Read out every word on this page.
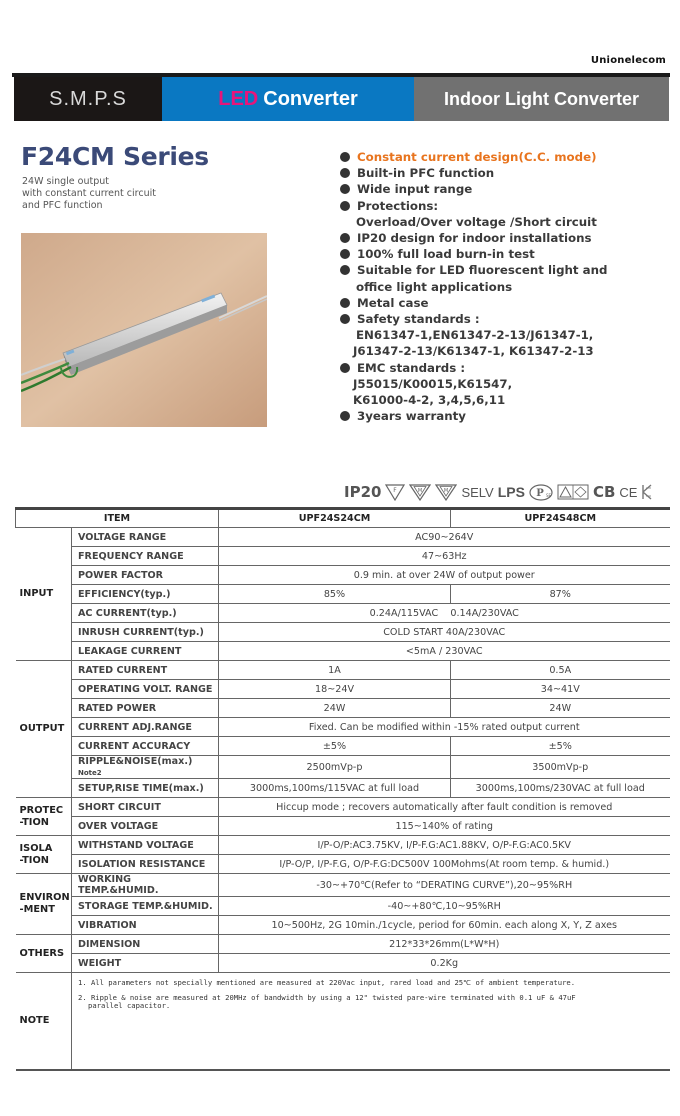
Unionelecom
S.M.P.S	LED Converter	Indoor Light Converter
F24CM Series
24W single output
with constant current circuit
and PFC function
Constant current design(C.C. mode)
Built-in PFC function
Wide input range
Protections:
Overload/Over voltage /Short circuit
IP20 design for indoor installations
100% full load burn-in test
Suitable for LED fluorescent light and
office light applications
Metal case
Safety standards :
EN61347-1,EN61347-2-13/J61347-1,
J61347-2-13/K61347-1, K61347-2-13
EMC standards :
J55015/K00015,K61547,
K61000-4-2, 3,4,5,6,11
3years warranty
IP20 F	M	M SELV LPS P SE	CB CE
ITEM		UPF24S24CM	UPF24S48CM
INPUT	VOLTAGE RANGE	AC90~264V	
	FREQUENCY RANGE	47~63Hz	
	POWER FACTOR	0.9 min. at over 24W of output power	
	EFFICIENCY(typ.)	85%	87%
	AC CURRENT(typ.)	0.24A/115VAC    0.14A/230VAC	
	INRUSH CURRENT(typ.)	COLD START 40A/230VAC	
	LEAKAGE CURRENT	<5mA / 230VAC	
OUTPUT	RATED CURRENT	1A	0.5A
	OPERATING VOLT. RANGE	18~24V	34~41V
	RATED POWER	24W	24W
	CURRENT ADJ.RANGE	Fixed. Can be modified within -15% rated output current	
	CURRENT ACCURACY	±5%	±5%
	RIPPLE&NOISE(max.) Note2	2500mVp-p	3500mVp-p
	SETUP,RISE TIME(max.)	3000ms,100ms/115VAC at full load	3000ms,100ms/230VAC at full load
PROTEC
-TION	SHORT CIRCUIT	Hiccup mode ; recovers automatically after fault condition is removed	
	OVER VOLTAGE	115~140% of rating	
ISOLA
-TION	WITHSTAND VOLTAGE	I/P-O/P:AC3.75KV, I/P-F.G:AC1.88KV, O/P-F.G:AC0.5KV	
	ISOLATION RESISTANCE	I/P-O/P, I/P-F.G, O/P-F.G:DC500V 100Mohms(At room temp. & humid.)	
ENVIRON
-MENT	WORKING TEMP.&HUMID.	-30~+70℃(Refer to “DERATING CURVE”),20~95%RH	
	STORAGE TEMP.&HUMID.	-40~+80℃,10~95%RH	
	VIBRATION	10~500Hz, 2G 10min./1cycle, period for 60min. each along X, Y, Z axes	
OTHERS	DIMENSION	212*33*26mm(L*W*H)	
	WEIGHT	0.2Kg	
NOTE	1. All parameters not specially mentioned are measured at 220Vac input, rared load and 25℃ of ambient temperature.

2. Ripple & noise are measured at 20MHz of bandwidth by using a 12" twisted pare-wire terminated with 0.1 uF & 47uF
parallel capacitor.		
